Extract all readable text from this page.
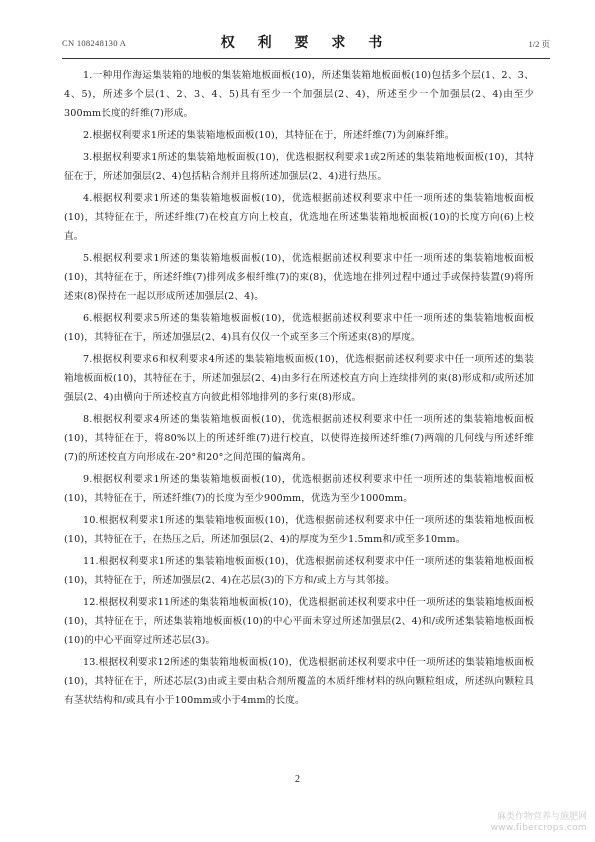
CN 108248130 A	权 利 要 求 书	1/2 页
1.一种用作海运集装箱的地板的集装箱地板面板(10)，所述集装箱地板面板(10)包括多个层(1、2、3、4、5)，所述多个层(1、2、3、4、5)具有至少一个加强层(2、4)，所述至少一个加强层(2、4)由至少300mm长度的纤维(7)形成。
2.根据权利要求1所述的集装箱地板面板(10)，其特征在于，所述纤维(7)为剑麻纤维。
3.根据权利要求1所述的集装箱地板面板(10)，优选根据权利要求1或2所述的集装箱地板面板(10)，其特征在于，所述加强层(2、4)包括粘合剂并且将所述加强层(2、4)进行热压。
4.根据权利要求1所述的集装箱地板面板(10)，优选根据前述权利要求中任一项所述的集装箱地板面板(10)，其特征在于，所述纤维(7)在校直方向上校直，优选地在所述集装箱地板面板(10)的长度方向(6)上校直。
5.根据权利要求1所述的集装箱地板面板(10)，优选根据前述权利要求中任一项所述的集装箱地板面板(10)，其特征在于，所述纤维(7)排列成多根纤维(7)的束(8)，优选地在排列过程中通过手或保持装置(9)将所述束(8)保持在一起以形成所述加强层(2、4)。
6.根据权利要求5所述的集装箱地板面板(10)，优选根据前述权利要求中任一项所述的集装箱地板面板(10)，其特征在于，所述加强层(2、4)具有仅仅一个或至多三个所述束(8)的厚度。
7.根据权利要求6和权利要求4所述的集装箱地板面板(10)，优选根据前述权利要求中任一项所述的集装箱地板面板(10)，其特征在于，所述加强层(2、4)由多行在所述校直方向上连续排列的束(8)形成和/或所述加强层(2、4)由横向于所述校直方向彼此相邻地排列的多行束(8)形成。
8.根据权利要求4所述的集装箱地板面板(10)，优选根据前述权利要求中任一项所述的集装箱地板面板(10)，其特征在于，将80%以上的所述纤维(7)进行校直，以使得连接所述纤维(7)两端的几何线与所述纤维(7)的所述校直方向形成在-20°和20°之间范围的偏离角。
9.根据权利要求1所述的集装箱地板面板(10)，优选根据前述权利要求中任一项所述的集装箱地板面板(10)，其特征在于，所述纤维(7)的长度为至少900mm，优选为至少1000mm。
10.根据权利要求1所述的集装箱地板面板(10)，优选根据前述权利要求中任一项所述的集装箱地板面板(10)，其特征在于，在热压之后，所述加强层(2、4)的厚度为至少1.5mm和/或至多10mm。
11.根据权利要求1所述的集装箱地板面板(10)，优选根据前述权利要求中任一项所述的集装箱地板面板(10)，其特征在于，所述加强层(2、4)在芯层(3)的下方和/或上方与其邻接。
12.根据权利要求11所述的集装箱地板面板(10)，优选根据前述权利要求中任一项所述的集装箱地板面板(10)，其特征在于，所述集装箱地板面板(10)的中心平面未穿过所述加强层(2、4)和/或所述集装箱地板面板(10)的中心平面穿过所述芯层(3)。
13.根据权利要求12所述的集装箱地板面板(10)，优选根据前述权利要求中任一项所述的集装箱地板面板(10)，其特征在于，所述芯层(3)由或主要由粘合剂所覆盖的木质纤维材料的纵向颗粒组成，所述纵向颗粒具有茎状结构和/或具有小于100mm或小于4mm的长度。
2
麻类作物营养与施肥网
www.fibercrops.com
